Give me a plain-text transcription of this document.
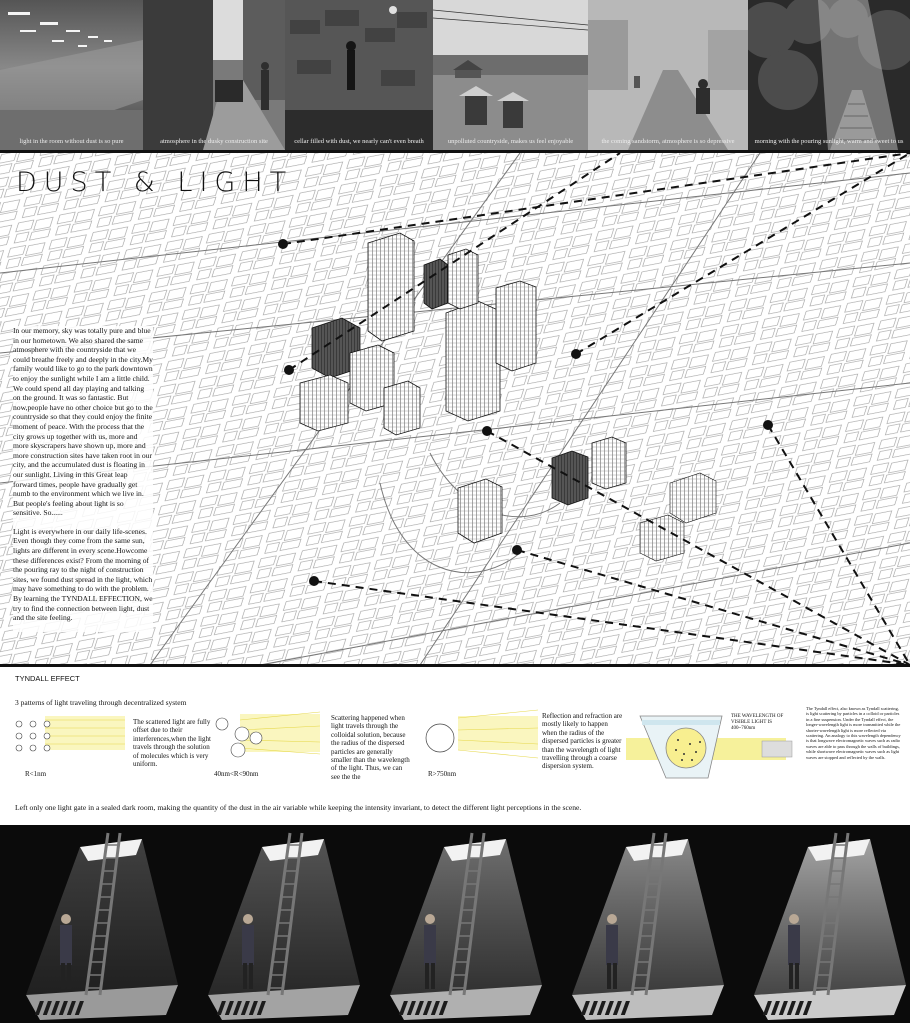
light in the room without dust is so pure	atmosphere in the dusky construction site	cellar filled with dust, we nearly can't even breath	unpolluted countryside, makes us feel enjoyable	the coming sandstorm, atmosphere is so depressive	morning with the pouring sunlight, warm and sweet to us
DUST & LIGHT

In our memory, sky was totally pure and blue in our hometown. We also shared the same atmosphere with the countryside that we could breathe freely and deeply in the city.My family would like to go to the park downtown to enjoy the sunlight while I am a little child. We could spend all day playing and talking on the ground. It was so fantastic. But now,people have no other choice but go to the countryside so that they could enjoy the finite moment of peace. With the process that the city grows up together with us, more and more skyscrapers have shown up, more and more construction sites have taken root in our city, and the accumulated dust is floating in our sunlight. Living in this Great leap forward times, people have gradually get numb to the environment which we live in. But people's feeling about light is so sensitive. So......

Light is everywhere in our daily life-scenes. Even though they come from the same sun, lights are different in every scene.Howcome these differences exist? From the morning of the pouring ray to the night of construction sites, we found dust spread in the light, which may have something to do with the problem. By learning the TYNDALL EFFECTION, we try to find the connection between light, dust and the site feeling.

TYNDALL EFFECT
3 patterns of light traveling through decentralized system
The scattered light are fully offset due to their interferences,when the light travels through the solution of molecules which is very uniform.
R<1nm
Scattering happened when light travels through the colloidal solution, because the radius of the dispersed particles are generally smaller than the wavelength of the light. Thus, we can see the the
40nm<R<90nm
Reflection and refraction are mostly likely to happen when the radius of the dispersed particles is greater than the wavelength of light travelling through a coarse dispersion system.
R>750nm
THE WAVELENGTH OF VISIBLE LIGHT IS 400~760nm
The Tyndall effect, also known as Tyndall scattering, is light scattering by particles in a colloid or particles in a fine suspension. Under the Tyndall effect, the longer-wavelength light is more transmitted while the shorter-wavelength light is more reflected via scattering. An analogy to this wavelength dependency is that longwave electromagnetic waves such as radio waves are able to pass through the walls of buildings, while shortwave electromagnetic waves such as light waves are stopped and reflected by the walls.
Left only one light gate in a sealed dark room, making the quantity of the dust in the air variable while keeping the intensity invariant, to detect the different light perceptions in the scene.
